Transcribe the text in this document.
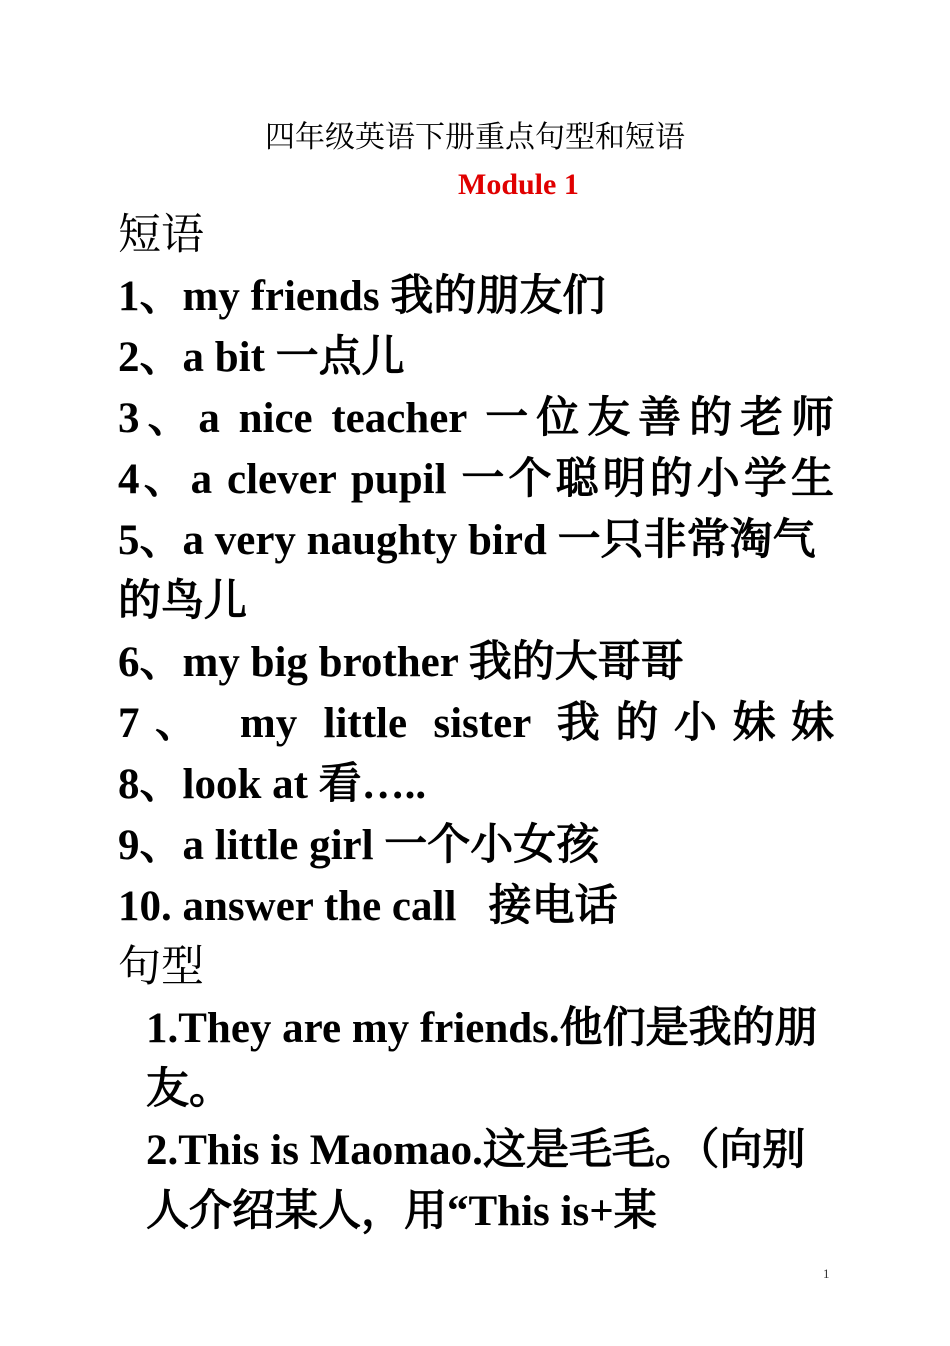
四年级英语下册重点句型和短语
Module 1
短语
1、my friends 我的朋友们
2、a bit 一点儿
3、a nice teacher 一位友善的老师
4、a clever pupil 一个聪明的小学生
5、a very naughty bird 一只非常淘气的鸟儿
6、my big brother 我的大哥哥
7、 my little sister 我的小妹妹
8、look at 看…..
9、a little girl 一个小女孩
10. answer the call   接电话
句型
1.They are my friends.他们是我的朋友。
2.This is Maomao.这是毛毛。（向别人介绍某人，用“This is+某
1
